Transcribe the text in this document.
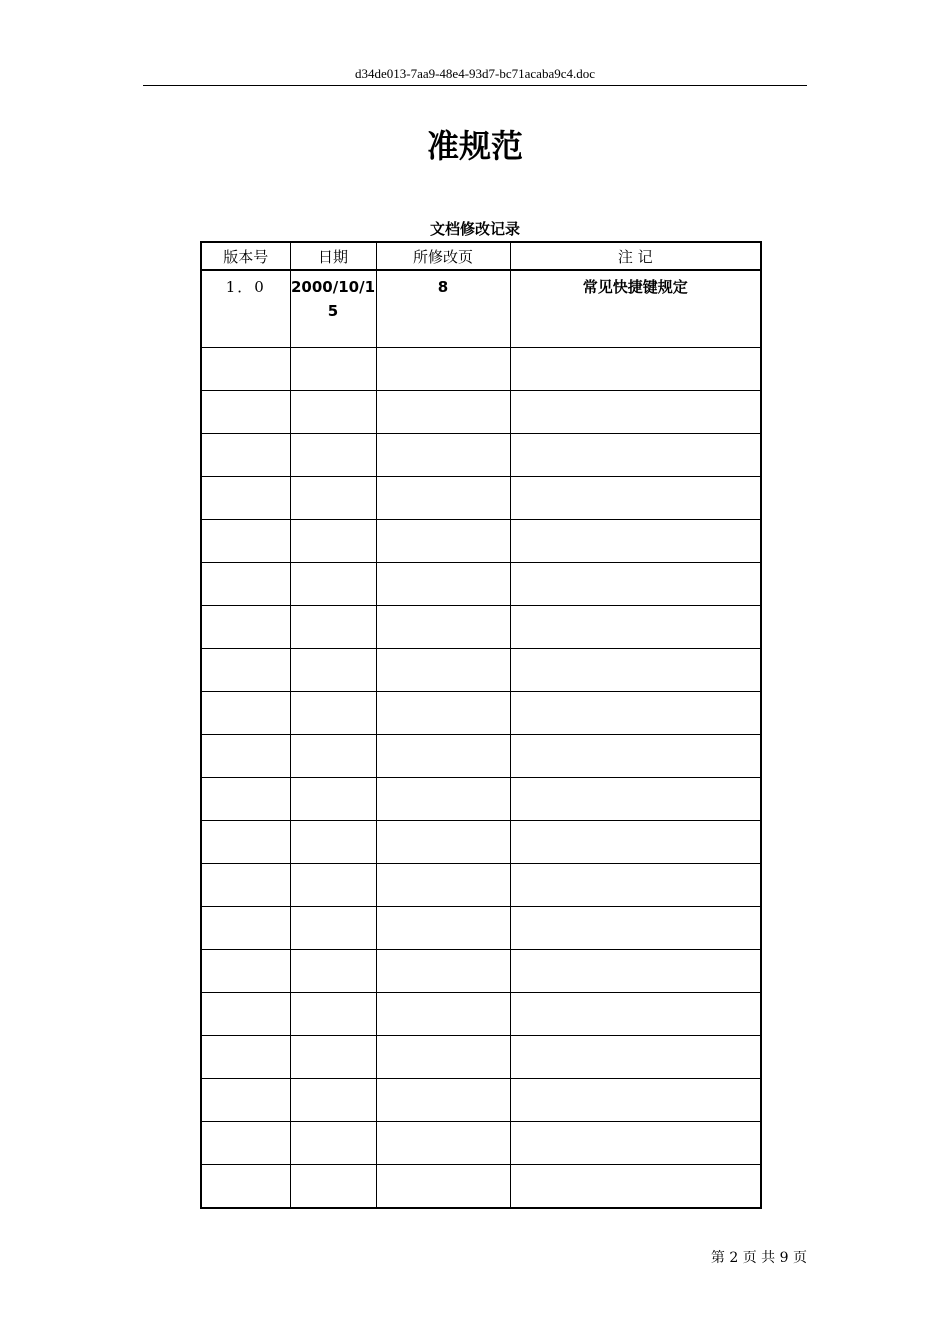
d34de013-7aa9-48e4-93d7-bc71acaba9c4.doc
准规范
文档修改记录
版本号	日期	所修改页	注 记
1．0	2000/10/15	8	常见快捷键规定

第 2 页 共 9 页
